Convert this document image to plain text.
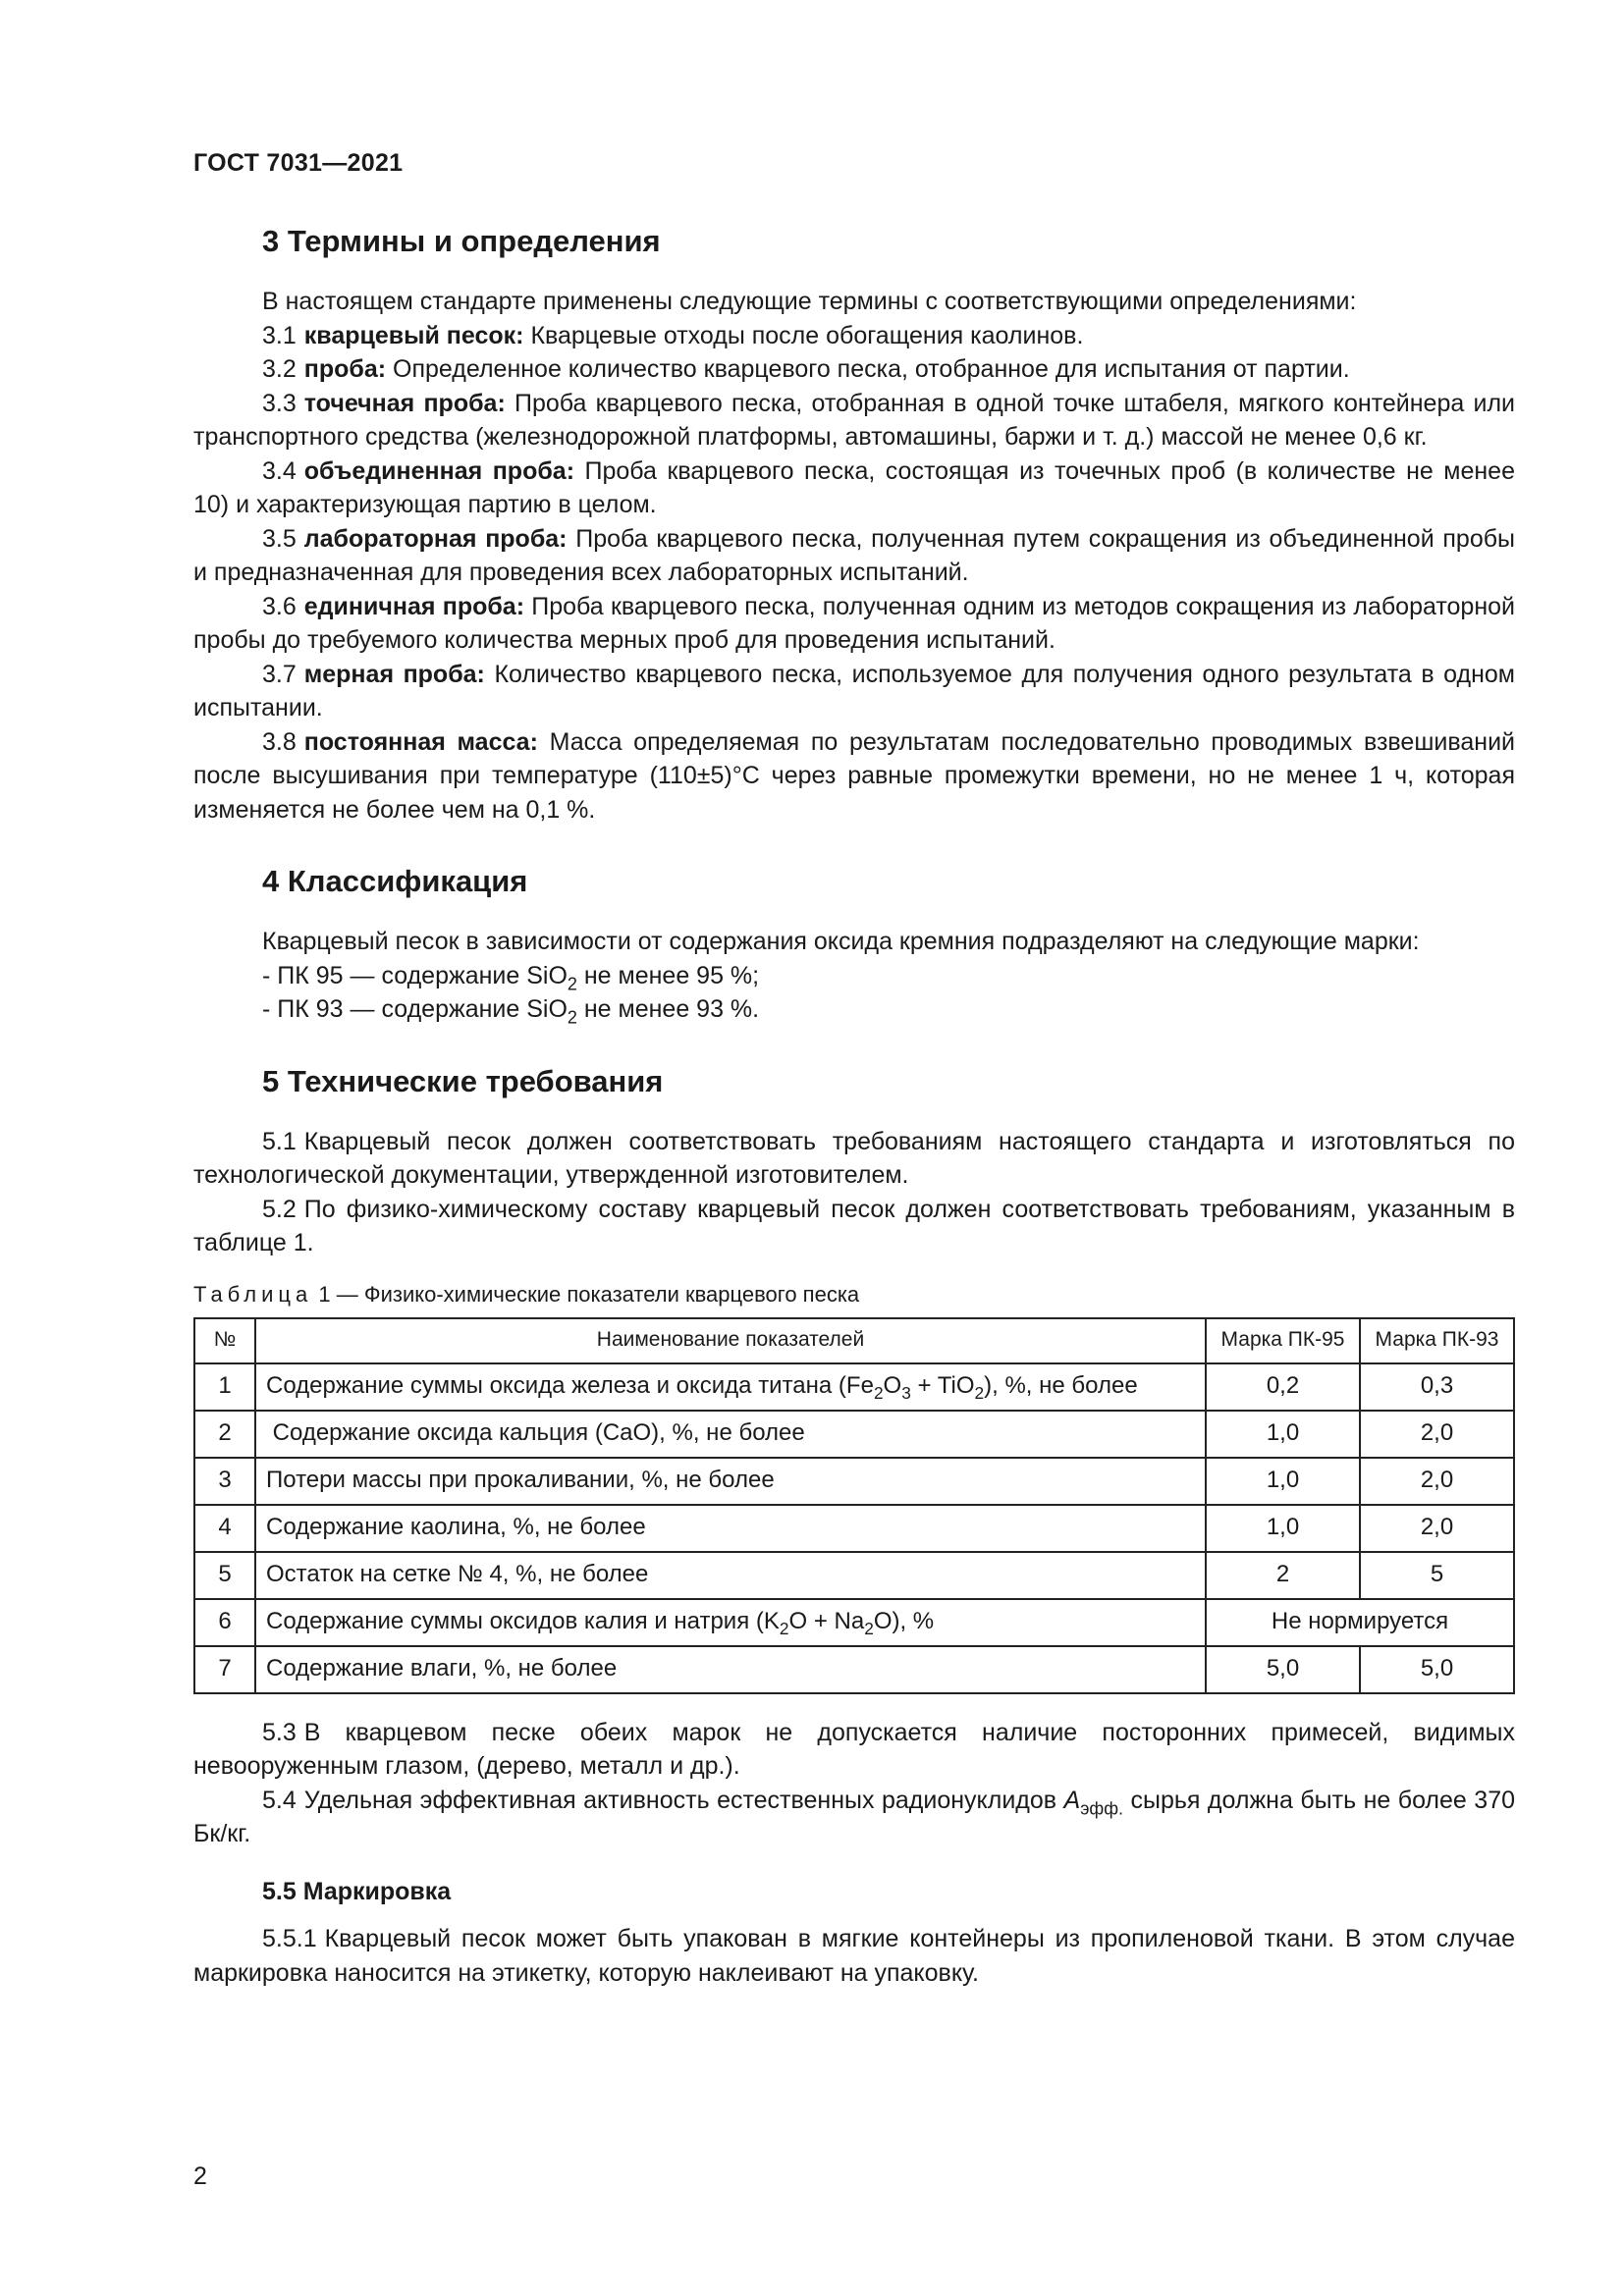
ГОСТ 7031—2021
3 Термины и определения

В настоящем стандарте применены следующие термины с соответствующими определениями:

3.1 кварцевый песок: Кварцевые отходы после обогащения каолинов.

3.2 проба: Определенное количество кварцевого песка, отобранное для испытания от партии.

3.3 точечная проба: Проба кварцевого песка, отобранная в одной точке штабеля, мягкого контейнера или транспортного средства (железнодорожной платформы, автомашины, баржи и т. д.) массой не менее 0,6 кг.

3.4 объединенная проба: Проба кварцевого песка, состоящая из точечных проб (в количестве не менее 10) и характеризующая партию в целом.

3.5 лабораторная проба: Проба кварцевого песка, полученная путем сокращения из объединенной пробы и предназначенная для проведения всех лабораторных испытаний.

3.6 единичная проба: Проба кварцевого песка, полученная одним из методов сокращения из лабораторной пробы до требуемого количества мерных проб для проведения испытаний.

3.7 мерная проба: Количество кварцевого песка, используемое для получения одного результата в одном испытании.

3.8 постоянная масса: Масса определяемая по результатам последовательно проводимых взвешиваний после высушивания при температуре (110±5)°С через равные промежутки времени, но не менее 1 ч, которая изменяется не более чем на 0,1 %.

4 Классификация

Кварцевый песок в зависимости от содержания оксида кремния подразделяют на следующие марки:

- ПК 95 — содержание SiO$_2$ не менее 95 %;

- ПК 93 — содержание SiO$_2$ не менее 93 %.

5 Технические требования

5.1 Кварцевый песок должен соответствовать требованиям настоящего стандарта и изготовляться по технологической документации, утвержденной изготовителем.

5.2 По физико-химическому составу кварцевый песок должен соответствовать требованиям, указанным в таблице 1.

Таблица 1 — Физико-химические показатели кварцевого песка
№	Наименование показателей	Марка ПК-95	Марка ПК-93
1	Содержание суммы оксида железа и оксида титана $(Fe_2O_3 + TiO_2)$, %, не более	0,2	0,3
2	Содержание оксида кальция (CaO), %, не более	1,0	2,0
3	Потери массы при прокаливании, %, не более	1,0	2,0
4	Содержание каолина, %, не более	1,0	2,0
5	Остаток на сетке № 4, %, не более	2	5
6	Содержание суммы оксидов калия и натрия $(K_2O + Na_2O)$, %	Не нормируется	
7	Содержание влаги, %, не более	5,0	5,0

5.3 В кварцевом песке обеих марок не допускается наличие посторонних примесей, видимых невооруженным глазом, (дерево, металл и др.).

5.4 Удельная эффективная активность естественных радионуклидов $A_{эфф.}$ сырья должна быть не более 370 Бк/кг.

5.5 Маркировка

5.5.1 Кварцевый песок может быть упакован в мягкие контейнеры из пропиленовой ткани. В этом случае маркировка наносится на этикетку, которую наклеивают на упаковку.

2
